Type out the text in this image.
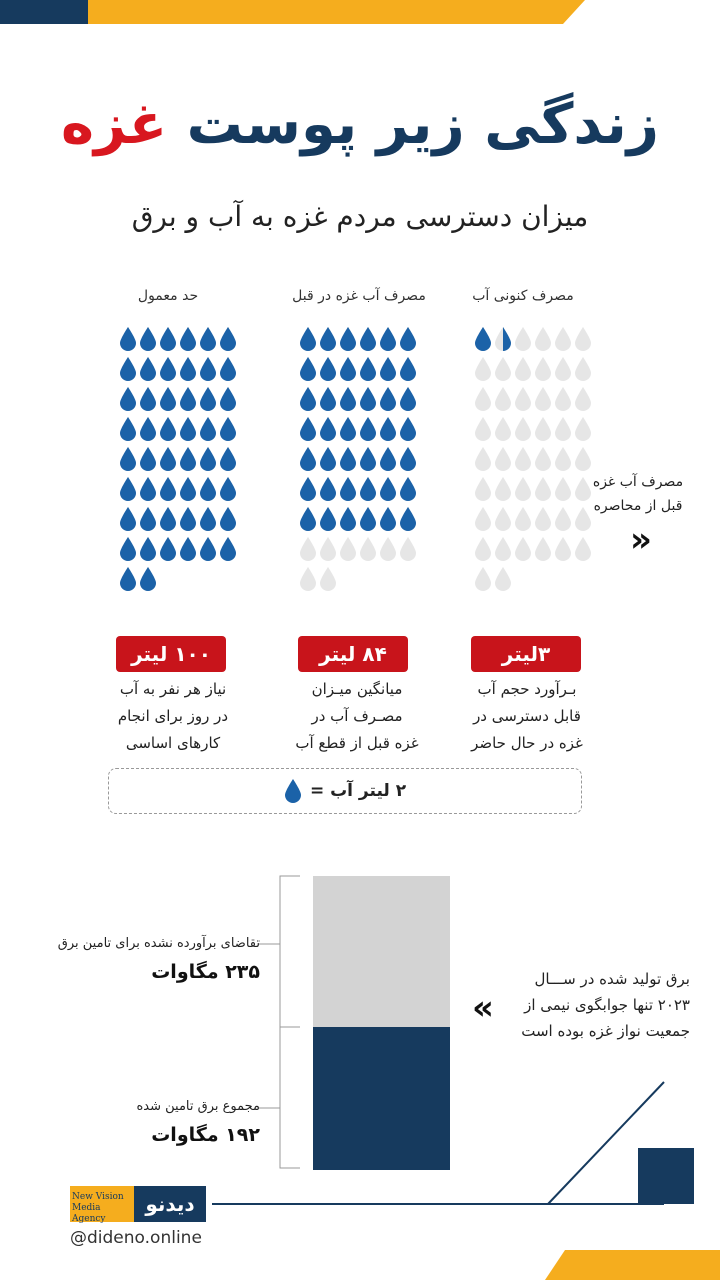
زندگی زیر پوست غزه
میزان دسترسی مردم غزه به آب و برق
حد معمول
۱۰۰ لیتر
نیاز هر نفر به آب
در روز برای انجام
کارهای اساسی
مصرف آب غزه در قبل
۸۴ لیتر
میانگین میـزان
مصـرف آب در
غزه قبل از قطع آب
مصرف کنونی آب
۳لیتر
بـرآورد حجم آب
قابل دسترسی در
غزه در حال حاضر
مصرف آب غزه
قبل از محاصره
«
۲ لیتر آب =
تقاضای برآورده نشده برای تامین برق
۲۳۵ مگاوات
مجموع برق تامین شده
۱۹۲ مگاوات
برق تولید شده در ســـال
۲۰۲۳ تنها جوابگوی نیمی از
جمعیت نواز غزه بوده است
«
New Vision Media Agency
دیدنو
@dideno.online
